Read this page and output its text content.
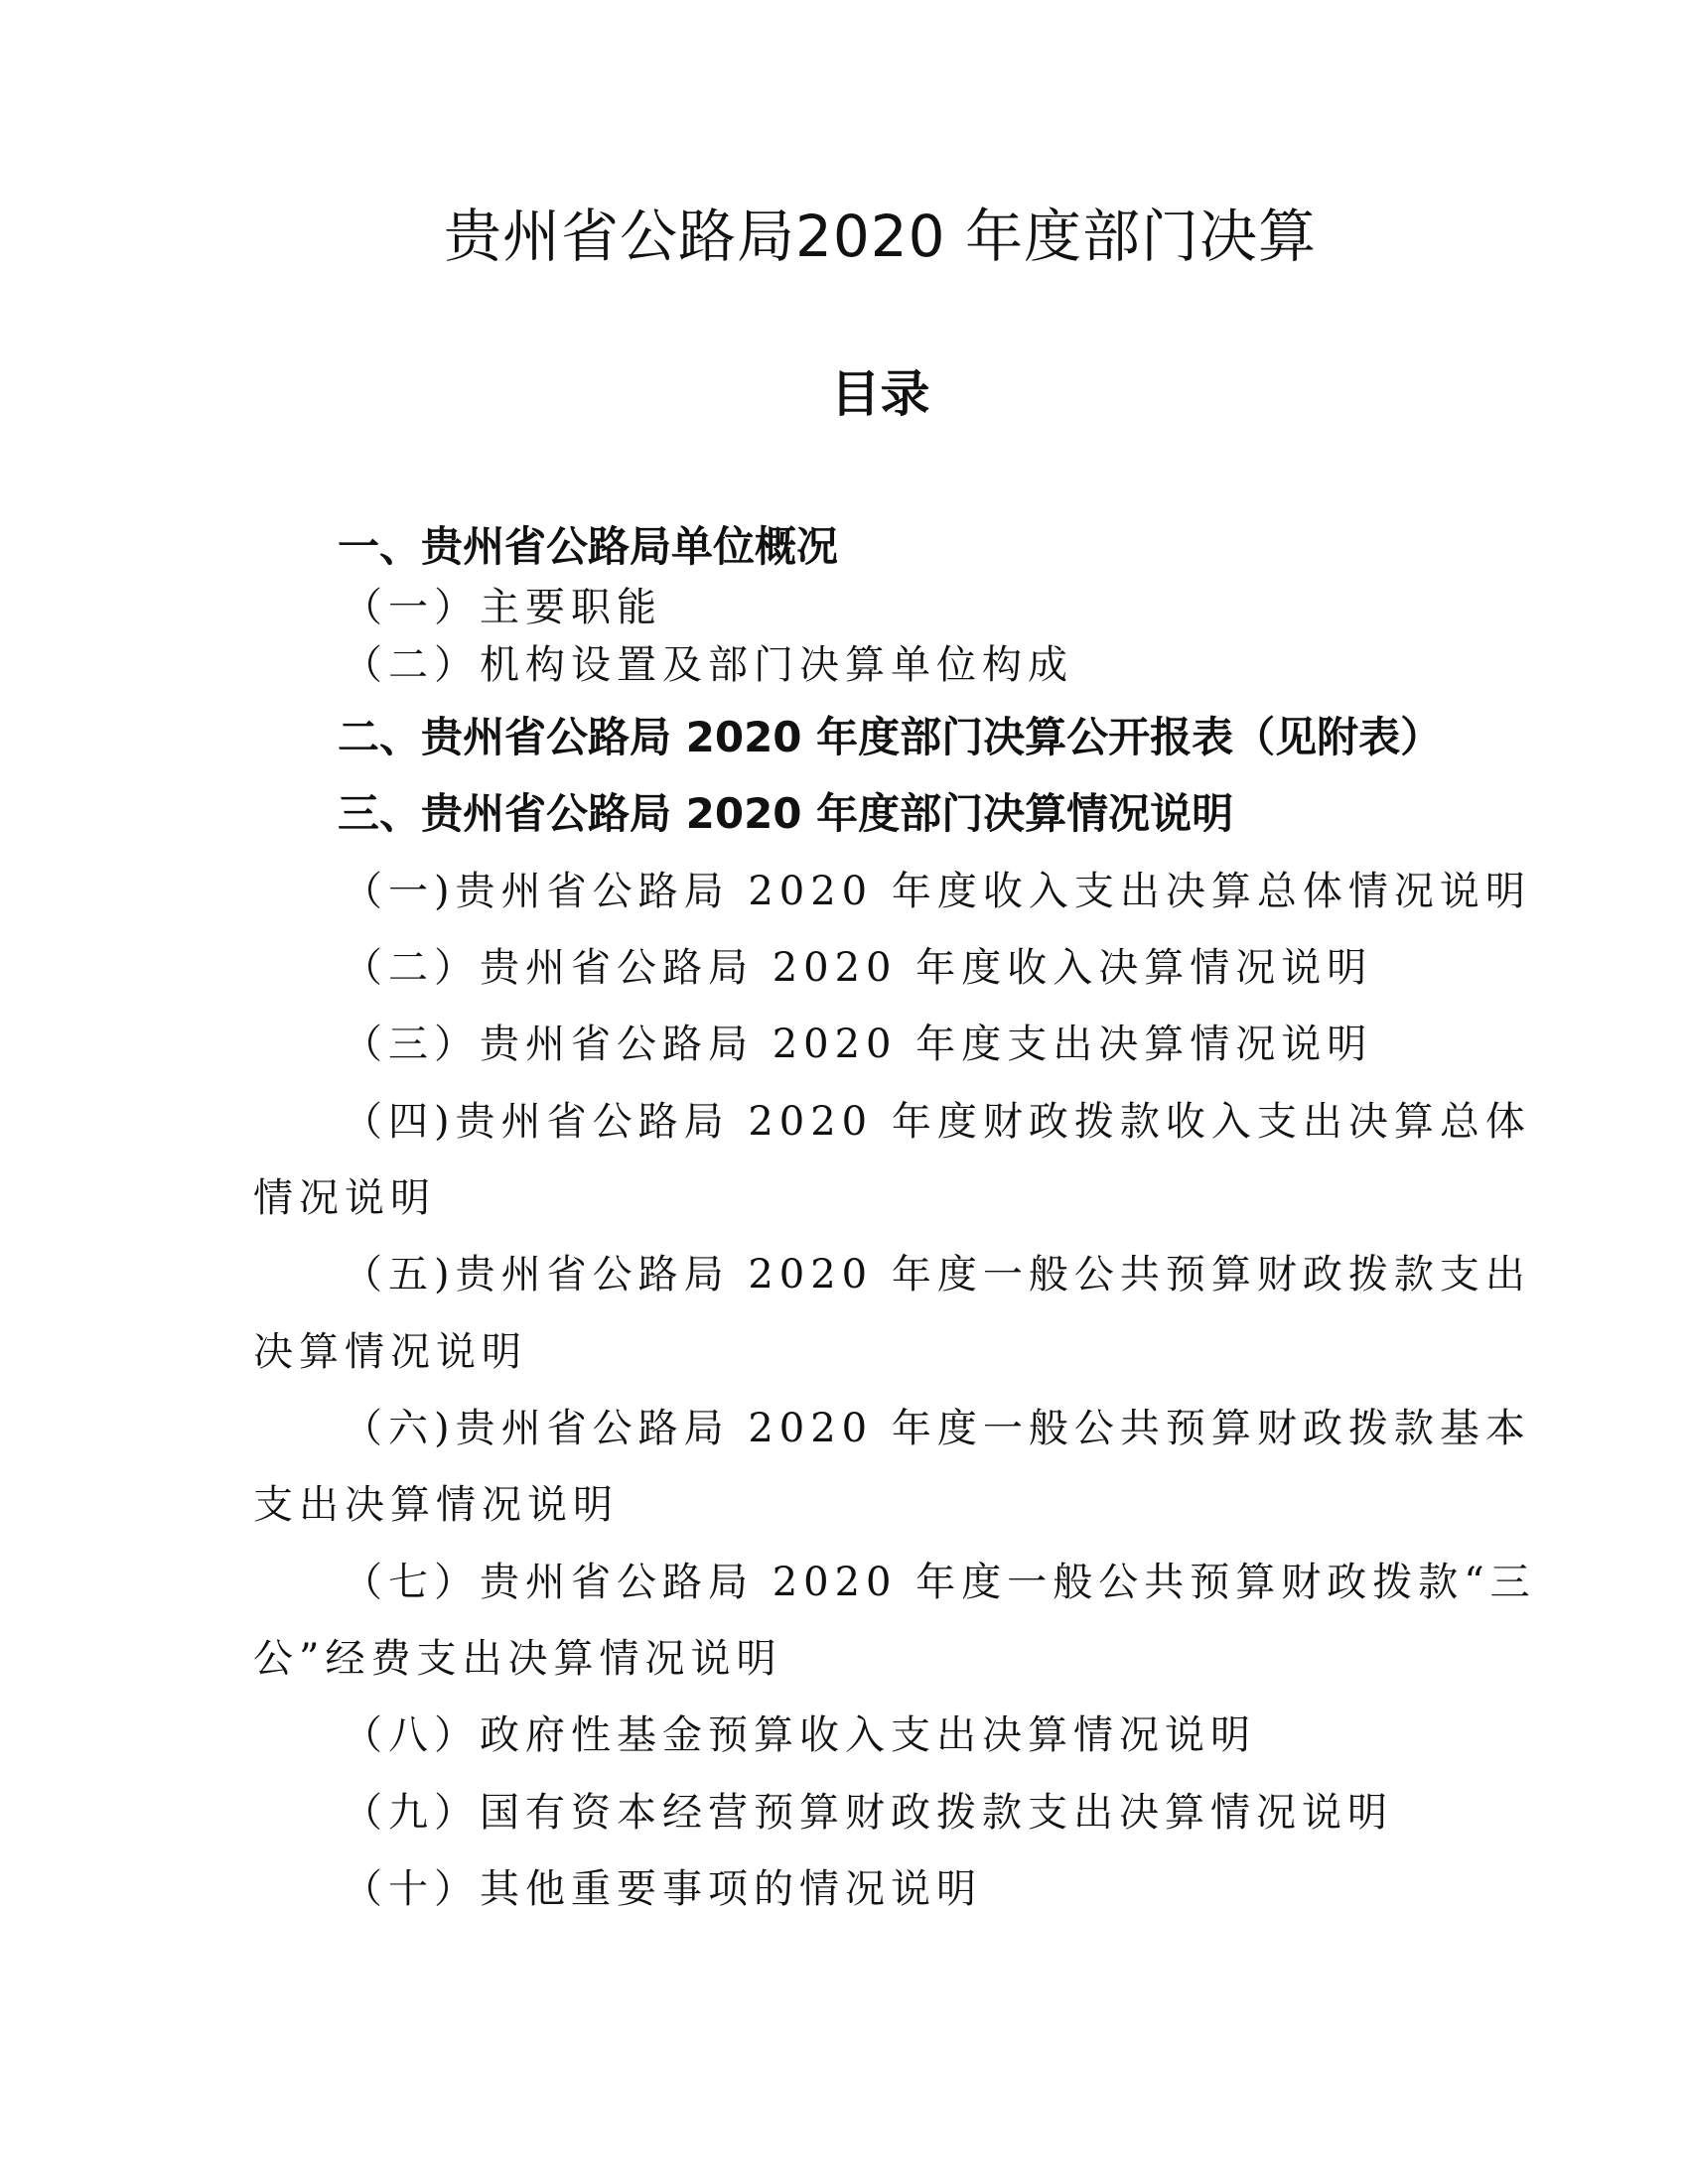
贵州省公路局2020 年度部门决算
目录

一、贵州省公路局单位概况

（一）主要职能

（二）机构设置及部门决算单位构成

二、贵州省公路局 2020 年度部门决算公开报表（见附表）

三、贵州省公路局 2020 年度部门决算情况说明

（一)贵州省公路局 2020 年度收入支出决算总体情况说明

（二）贵州省公路局 2020 年度收入决算情况说明

（三）贵州省公路局 2020 年度支出决算情况说明

（四)贵州省公路局 2020 年度财政拨款收入支出决算总体

情况说明

（五)贵州省公路局 2020 年度一般公共预算财政拨款支出

决算情况说明

（六)贵州省公路局 2020 年度一般公共预算财政拨款基本

支出决算情况说明

（七）贵州省公路局 2020 年度一般公共预算财政拨款“三

公”经费支出决算情况说明

（八）政府性基金预算收入支出决算情况说明

（九）国有资本经营预算财政拨款支出决算情况说明

（十）其他重要事项的情况说明
